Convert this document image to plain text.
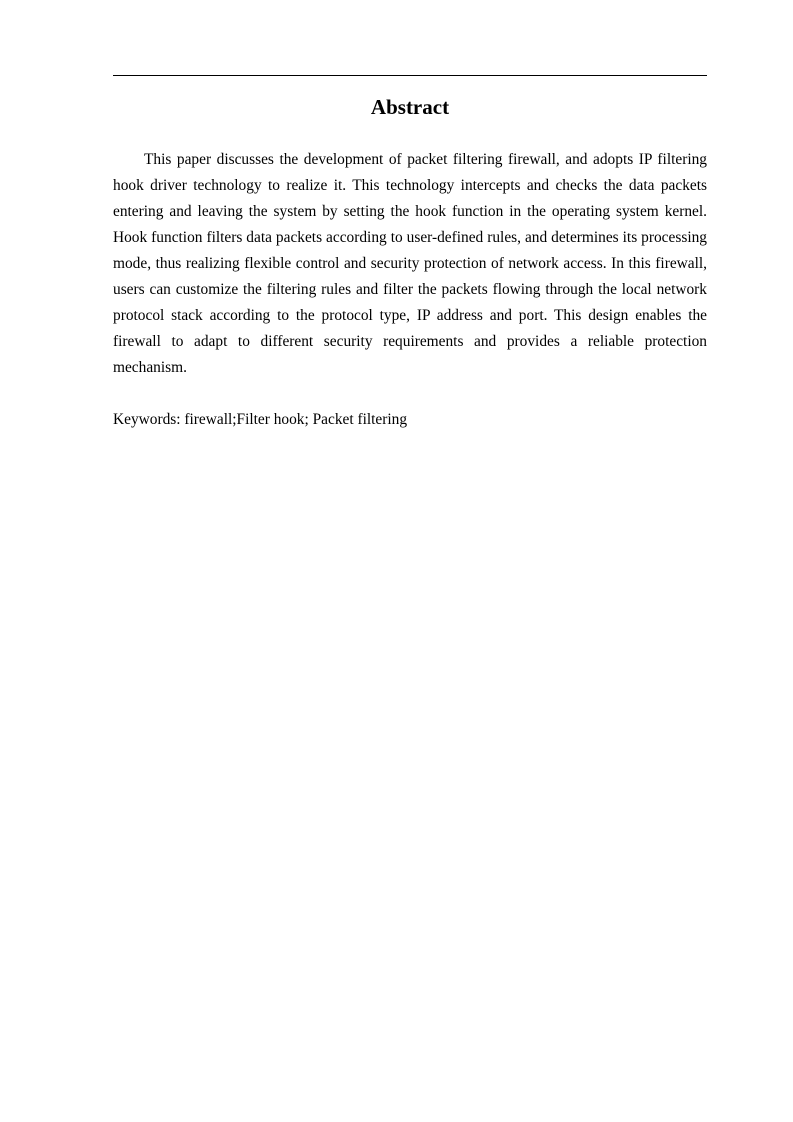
Abstract

This paper discusses the development of packet filtering firewall, and adopts IP filtering hook driver technology to realize it. This technology intercepts and checks the data packets entering and leaving the system by setting the hook function in the operating system kernel. Hook function filters data packets according to user-defined rules, and determines its processing mode, thus realizing flexible control and security protection of network access. In this firewall, users can customize the filtering rules and filter the packets flowing through the local network protocol stack according to the protocol type, IP address and port. This design enables the firewall to adapt to different security requirements and provides a reliable protection mechanism.

Keywords: firewall;Filter hook; Packet filtering
